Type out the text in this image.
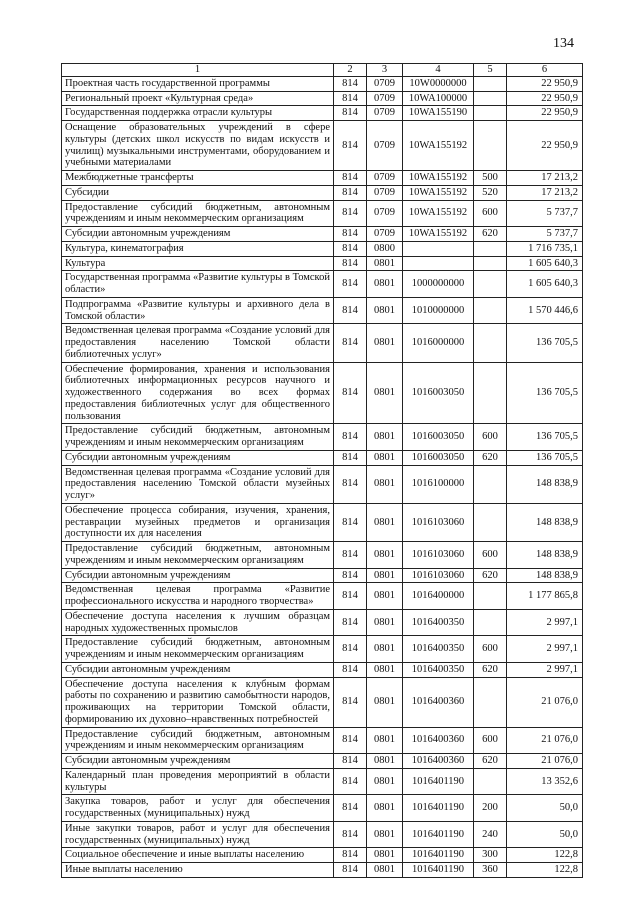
134
1	2	3	4	5	6
Проектная часть государственной программы	814	0709	10W0000000		22 950,9
Региональный проект «Культурная среда»	814	0709	10WA100000		22 950,9
Государственная поддержка отрасли культуры	814	0709	10WA155190		22 950,9
Оснащение образовательных учреждений в сфере культуры (детских школ искусств по видам искусств и училищ) музыкальными инструментами, оборудованием и учебными материалами	814	0709	10WA155192		22 950,9
Межбюджетные трансферты	814	0709	10WA155192	500	17 213,2
Субсидии	814	0709	10WA155192	520	17 213,2
Предоставление субсидий бюджетным, автономным учреждениям и иным некоммерческим организациям	814	0709	10WA155192	600	5 737,7
Субсидии автономным учреждениям	814	0709	10WA155192	620	5 737,7
Культура, кинематография	814	0800			1 716 735,1
Культура	814	0801			1 605 640,3
Государственная программа «Развитие культуры в Томской области»	814	0801	1000000000		1 605 640,3
Подпрограмма «Развитие культуры и архивного дела в Томской области»	814	0801	1010000000		1 570 446,6
Ведомственная целевая программа «Создание условий для предоставления населению Томской области библиотечных услуг»	814	0801	1016000000		136 705,5
Обеспечение формирования, хранения и использования библиотечных информационных ресурсов научного и художественного содержания во всех формах предоставления библиотечных услуг для общественного пользования	814	0801	1016003050		136 705,5
Предоставление субсидий бюджетным, автономным учреждениям и иным некоммерческим организациям	814	0801	1016003050	600	136 705,5
Субсидии автономным учреждениям	814	0801	1016003050	620	136 705,5
Ведомственная целевая программа «Создание условий для предоставления населению Томской области музейных услуг»	814	0801	1016100000		148 838,9
Обеспечение процесса собирания, изучения, хранения, реставрации музейных предметов и организация доступности их для населения	814	0801	1016103060		148 838,9
Предоставление субсидий бюджетным, автономным учреждениям и иным некоммерческим организациям	814	0801	1016103060	600	148 838,9
Субсидии автономным учреждениям	814	0801	1016103060	620	148 838,9
Ведомственная целевая программа «Развитие профессионального искусства и народного творчества»	814	0801	1016400000		1 177 865,8
Обеспечение доступа населения к лучшим образцам народных художественных промыслов	814	0801	1016400350		2 997,1
Предоставление субсидий бюджетным, автономным учреждениям и иным некоммерческим организациям	814	0801	1016400350	600	2 997,1
Субсидии автономным учреждениям	814	0801	1016400350	620	2 997,1
Обеспечение доступа населения к клубным формам работы по сохранению и развитию самобытности народов, проживающих на территории Томской области, формированию их духовно–нравственных потребностей	814	0801	1016400360		21 076,0
Предоставление субсидий бюджетным, автономным учреждениям и иным некоммерческим организациям	814	0801	1016400360	600	21 076,0
Субсидии автономным учреждениям	814	0801	1016400360	620	21 076,0
Календарный план проведения мероприятий в области культуры	814	0801	1016401190		13 352,6
Закупка товаров, работ и услуг для обеспечения государственных (муниципальных) нужд	814	0801	1016401190	200	50,0
Иные закупки товаров, работ и услуг для обеспечения государственных (муниципальных) нужд	814	0801	1016401190	240	50,0
Социальное обеспечение и иные выплаты населению	814	0801	1016401190	300	122,8
Иные выплаты населению	814	0801	1016401190	360	122,8
